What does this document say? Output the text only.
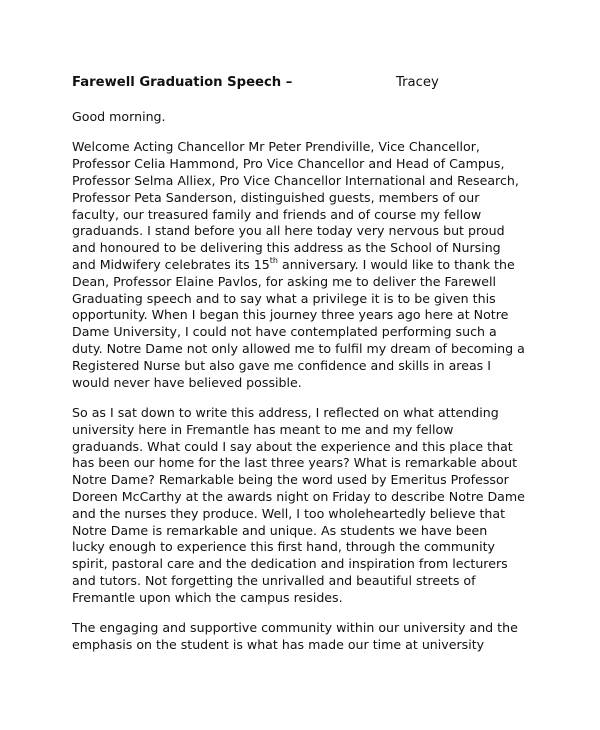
Farewell Graduation Speech –	Tracey
Good morning.
Welcome Acting Chancellor Mr Peter Prendiville, Vice Chancellor,
Professor Celia Hammond, Pro Vice Chancellor and Head of Campus,
Professor Selma Alliex, Pro Vice Chancellor International and Research,
Professor Peta Sanderson, distinguished guests, members of our
faculty, our treasured family and friends and of course my fellow
graduands. I stand before you all here today very nervous but proud
and honoured to be delivering this address as the School of Nursing
and Midwifery celebrates its 15th anniversary. I would like to thank the
Dean, Professor Elaine Pavlos, for asking me to deliver the Farewell
Graduating speech and to say what a privilege it is to be given this
opportunity. When I began this journey three years ago here at Notre
Dame University, I could not have contemplated performing such a
duty. Notre Dame not only allowed me to fulfil my dream of becoming a
Registered Nurse but also gave me confidence and skills in areas I
would never have believed possible.
So as I sat down to write this address, I reflected on what attending
university here in Fremantle has meant to me and my fellow
graduands. What could I say about the experience and this place that
has been our home for the last three years? What is remarkable about
Notre Dame? Remarkable being the word used by Emeritus Professor
Doreen McCarthy at the awards night on Friday to describe Notre Dame
and the nurses they produce. Well, I too wholeheartedly believe that
Notre Dame is remarkable and unique. As students we have been
lucky enough to experience this first hand, through the community
spirit, pastoral care and the dedication and inspiration from lecturers
and tutors. Not forgetting the unrivalled and beautiful streets of
Fremantle upon which the campus resides.
The engaging and supportive community within our university and the
emphasis on the student is what has made our time at university
